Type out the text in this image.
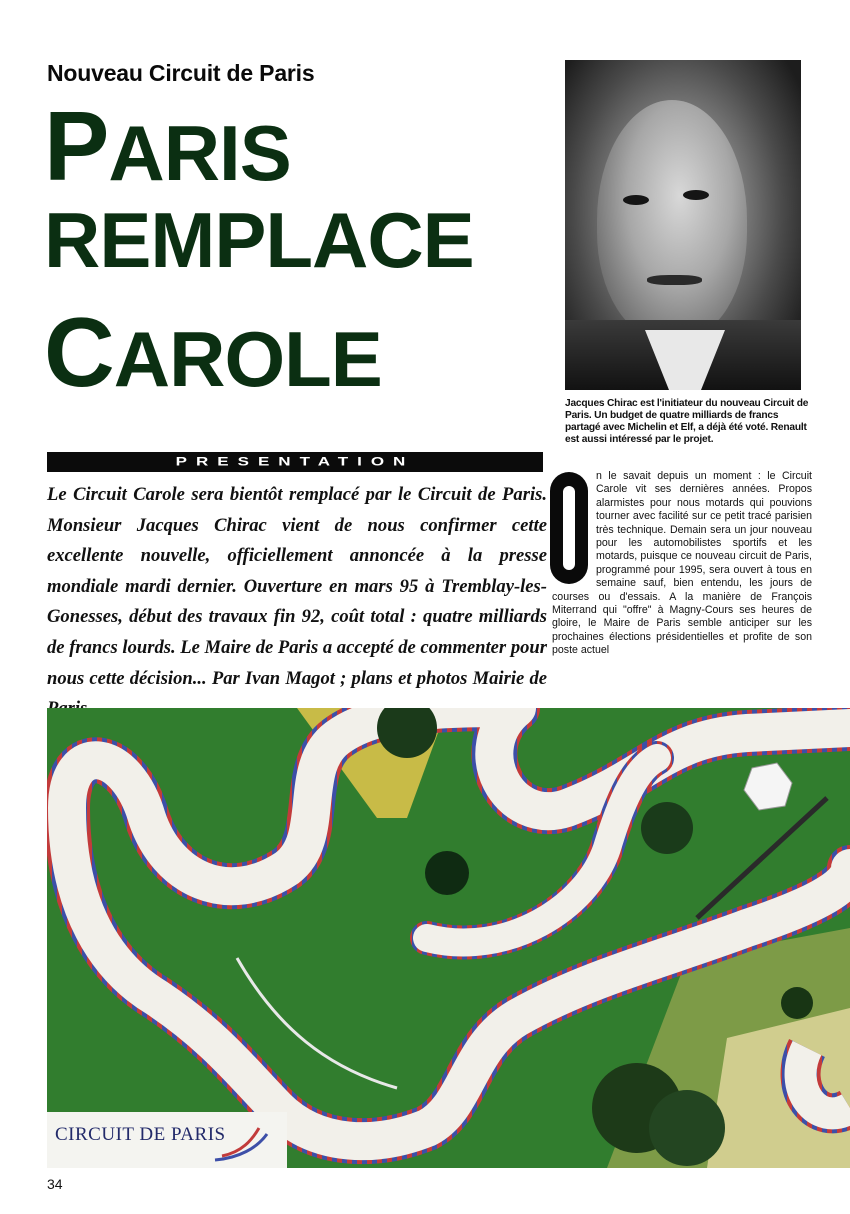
Nouveau Circuit de Paris
PARIS
REMPLACE
CAROLE
Jacques Chirac est l'initiateur du nouveau Circuit de Paris. Un budget de quatre milliards de francs partagé avec Michelin et Elf, a déjà été voté. Renault est aussi intéressé par le projet.
PRESENTATION
Le Circuit Carole sera bientôt remplacé par le Circuit de Paris. Monsieur Jacques Chirac vient de nous confirmer cette excellente nouvelle, officiellement annoncée à la presse mondiale mardi dernier. Ouverture en mars 95 à Tremblay-les-Gonesses, début des travaux fin 92, coût total : quatre milliards de francs lourds. Le Maire de Paris a accepté de commenter pour nous cette décision... Par Ivan Magot ; plans et photos Mairie de
n le savait depuis un moment : le Circuit Carole vit ses dernières années. Propos alarmistes pour nous motards qui pouvions tourner avec facilité sur ce petit tracé parisien très technique. Demain sera un jour nouveau pour les automobilistes sportifs et les motards, puisque ce nouveau circuit de Paris, programmé pour 1995, sera ouvert à tous en semaine sauf, bien entendu, les jours de courses ou d'essais. A la manière de François Miterrand qui "offre" à Magny-Cours ses heures de gloire, le Maire de Paris semble anticiper sur les prochaines élections présidentielles et profite de son poste actuel
CIRCUIT DE PARIS
34
